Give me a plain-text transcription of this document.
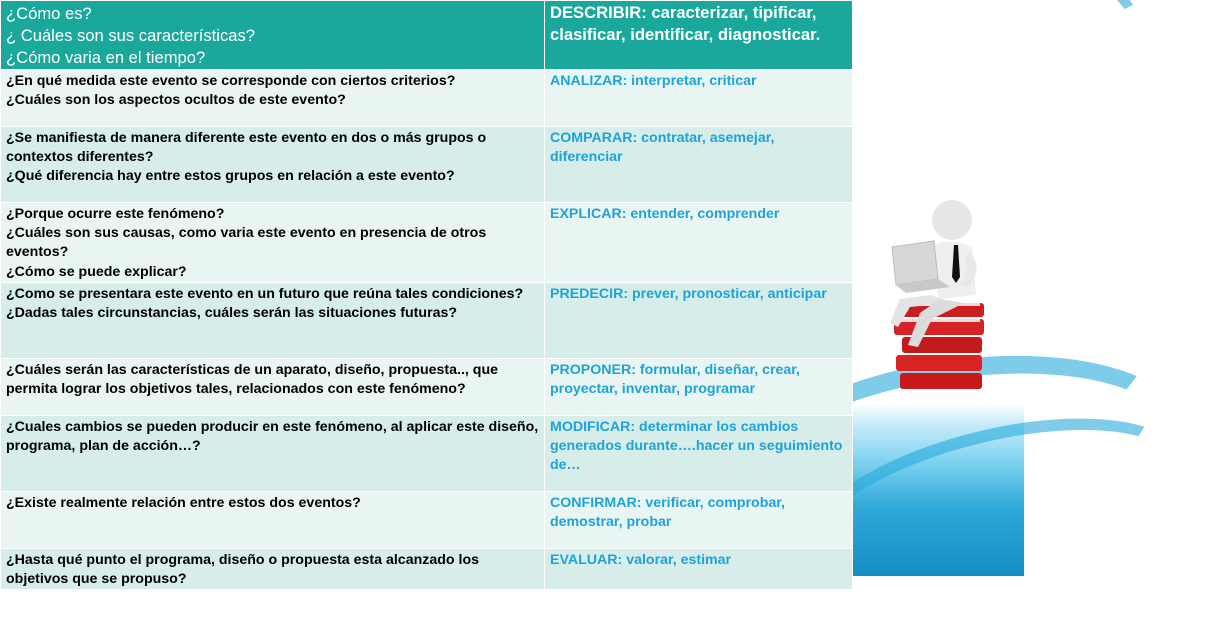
¿Cómo es?
¿ Cuáles son sus características?
¿Cómo varia en el tiempo?	DESCRIBIR: caracterizar, tipificar, clasificar, identificar, diagnosticar.
¿En qué medida este evento se corresponde con ciertos criterios?
¿Cuáles son los aspectos ocultos de este evento?	ANALIZAR: interpretar, criticar
¿Se manifiesta de manera diferente este evento en dos o más grupos o contextos diferentes?
¿Qué diferencia hay entre estos grupos en relación a este evento?	COMPARAR: contratar, asemejar, diferenciar
¿Porque ocurre este fenómeno?
¿Cuáles son sus causas, como varia este evento en presencia de otros eventos?
¿Cómo se puede explicar?	EXPLICAR: entender, comprender
¿Como se presentara este evento en un futuro que reúna tales condiciones?
¿Dadas tales circunstancias, cuáles serán las situaciones futuras?	PREDECIR: prever, pronosticar, anticipar
¿Cuáles serán las características de un aparato, diseño, propuesta.., que permita lograr los objetivos tales, relacionados con este fenómeno?	PROPONER: formular, diseñar, crear, proyectar, inventar, programar
¿Cuales cambios se pueden producir en este fenómeno, al aplicar este diseño, programa, plan de acción…?	MODIFICAR: determinar los cambios generados durante….hacer un seguimiento de…
¿Existe realmente relación entre estos dos eventos?	CONFIRMAR: verificar, comprobar, demostrar, probar
¿Hasta qué punto el programa, diseño o propuesta esta alcanzado los objetivos que se propuso?	EVALUAR: valorar, estimar
